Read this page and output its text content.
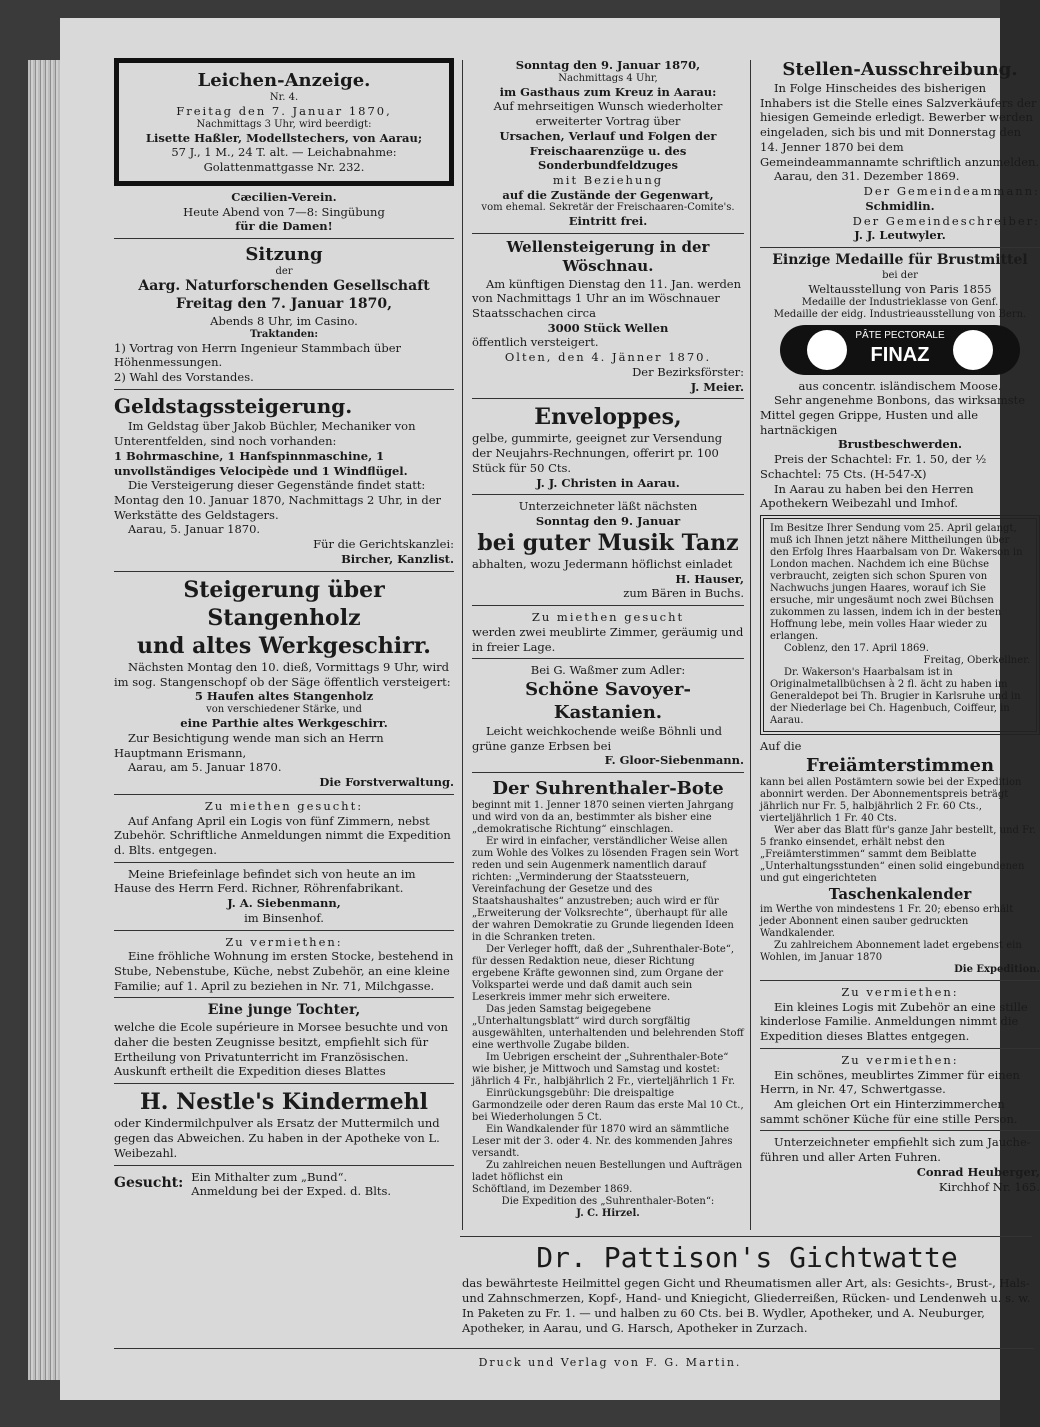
Leichen-Anzeige.

Nr. 4.

Freitag den 7. Januar 1870,

Nachmittags 3 Uhr, wird beerdigt:

Lisette Haßler, Modellstechers, von Aarau;

57 J., 1 M., 24 T. alt. — Leichabnahme:

Golattenmattgasse Nr. 232.

Cæcilien-Verein.

Heute Abend von 7—8: Singübung

für die Damen!

Sitzung

der

Aarg. Naturforschenden Gesellschaft

Freitag den 7. Januar 1870,

Abends 8 Uhr, im Casino.

Traktanden:

1) Vortrag von Herrn Ingenieur Stammbach über Höhenmessungen.

2) Wahl des Vorstandes.

Geldstagssteigerung.

Im Geldstag über Jakob Büchler, Mechaniker von Unterentfelden, sind noch vorhanden:

1 Bohrmaschine, 1 Hanfspinnmaschine, 1 unvollständiges Velocipède und 1 Windflügel.

Die Versteigerung dieser Gegenstände findet statt: Montag den 10. Januar 1870, Nachmittags 2 Uhr, in der Werkstätte des Geldstagers.

Aarau, 5. Januar 1870.

Für die Gerichtskanzlei:

Bircher, Kanzlist.

Steigerung über Stangenholz

und altes Werkgeschirr.

Nächsten Montag den 10. dieß, Vormittags 9 Uhr, wird im sog. Stangenschopf ob der Säge öffentlich versteigert:

5 Haufen altes Stangenholz

von verschiedener Stärke, und

eine Parthie altes Werkgeschirr.

Zur Besichtigung wende man sich an Herrn Hauptmann Erismann,

Aarau, am 5. Januar 1870.

Die Forstverwaltung.

Zu miethen gesucht:

Auf Anfang April ein Logis von fünf Zimmern, nebst Zubehör. Schriftliche Anmeldungen nimmt die Expedition d. Blts. entgegen.

Meine Briefeinlage befindet sich von heute an im Hause des Herrn Ferd. Richner, Röhrenfabrikant.

J. A. Siebenmann,

im Binsenhof.

Zu vermiethen:

Eine fröhliche Wohnung im ersten Stocke, bestehend in Stube, Nebenstube, Küche, nebst Zubehör, an eine kleine Familie; auf 1. April zu beziehen in Nr. 71, Milchgasse.

Eine junge Tochter,

welche die Ecole supérieure in Morsee besuchte und von daher die besten Zeugnisse besitzt, empfiehlt sich für Ertheilung von Privatunterricht im Französischen. Auskunft ertheilt die Expedition dieses Blattes

H. Nestle's Kindermehl

oder Kindermilchpulver als Ersatz der Muttermilch und gegen das Abweichen. Zu haben in der Apotheke von L. Weibezahl.

Gesucht: Ein Mithalter zum „Bund“.

Anmeldung bei der Exped. d. Blts.

Sonntag den 9. Januar 1870,

Nachmittags 4 Uhr,

im Gasthaus zum Kreuz in Aarau:

Auf mehrseitigen Wunsch wiederholter erweiterter Vortrag über

Ursachen, Verlauf und Folgen der Freischaarenzüge u. des Sonderbundfeldzuges

mit Beziehung

auf die Zustände der Gegenwart,

vom ehemal. Sekretär der Freischaaren-Comite's.

Eintritt frei.

Wellensteigerung in der Wöschnau.

Am künftigen Dienstag den 11. Jan. werden von Nachmittags 1 Uhr an im Wöschnauer Staatsschachen circa

3000 Stück Wellen

öffentlich versteigert.

Olten, den 4. Jänner 1870.

Der Bezirksförster:

J. Meier.

Enveloppes,

gelbe, gummirte, geeignet zur Versendung der Neujahrs-Rechnungen, offerirt pr. 100 Stück für 50 Cts.

J. J. Christen in Aarau.

Unterzeichneter läßt nächsten

Sonntag den 9. Januar

bei guter Musik Tanz

abhalten, wozu Jedermann höflichst einladet

H. Hauser,

zum Bären in Buchs.

Zu miethen gesucht

werden zwei meublirte Zimmer, geräumig und in freier Lage.

Bei G. Waßmer zum Adler:

Schöne Savoyer-Kastanien.

Leicht weichkochende weiße Böhnli und grüne ganze Erbsen bei

F. Gloor-Siebenmann.

Der Suhrenthaler-Bote

beginnt mit 1. Jenner 1870 seinen vierten Jahrgang und wird von da an, bestimmter als bisher eine „demokratische Richtung“ einschlagen.

Er wird in einfacher, verständlicher Weise allen zum Wohle des Volkes zu lösenden Fragen sein Wort reden und sein Augenmerk namentlich darauf richten: „Verminderung der Staatssteuern, Vereinfachung der Gesetze und des Staatshaushaltes“ anzustreben; auch wird er für „Erweiterung der Volksrechte“, überhaupt für alle der wahren Demokratie zu Grunde liegenden Ideen in die Schranken treten.

Der Verleger hofft, daß der „Suhrenthaler-Bote“, für dessen Redaktion neue, dieser Richtung ergebene Kräfte gewonnen sind, zum Organe der Volkspartei werde und daß damit auch sein Leserkreis immer mehr sich erweitere.

Das jeden Samstag beigegebene „Unterhaltungsblatt“ wird durch sorgfältig ausgewählten, unterhaltenden und belehrenden Stoff eine werthvolle Zugabe bilden.

Im Uebrigen erscheint der „Suhrenthaler-Bote“ wie bisher, je Mittwoch und Samstag und kostet: jährlich 4 Fr., halbjährlich 2 Fr., vierteljährlich 1 Fr.

Einrückungsgebühr: Die dreispaltige Garmondzeile oder deren Raum das erste Mal 10 Ct., bei Wiederholungen 5 Ct.

Ein Wandkalender für 1870 wird an sämmtliche Leser mit der 3. oder 4. Nr. des kommenden Jahres versandt.

Zu zahlreichen neuen Bestellungen und Aufträgen ladet höflichst ein

Schöftland, im Dezember 1869.

Die Expedition des „Suhrenthaler-Boten“:

J. C. Hirzel.

Stellen-Ausschreibung.

In Folge Hinscheides des bisherigen Inhabers ist die Stelle eines Salzverkäufers der hiesigen Gemeinde erledigt. Bewerber werden eingeladen, sich bis und mit Donnerstag den 14. Jenner 1870 bei dem Gemeindeammannamte schriftlich anzumelden.

Aarau, den 31. Dezember 1869.

Der Gemeindeammann:

Schmidlin.

Der Gemeindeschreiber:

J. J. Leutwyler.

Einzige Medaille für Brustmittel

bei der

Weltausstellung von Paris 1855

Medaille der Industrieklasse von Genf.

Medaille der eidg. Industrieausstellung von Bern.

PÂTE PECTORALE
FINAZ

aus concentr. isländischem Moose.

Sehr angenehme Bonbons, das wirksamste Mittel gegen Grippe, Husten und alle hartnäckigen

Brustbeschwerden.

Preis der Schachtel: Fr. 1. 50, der ½ Schachtel: 75 Cts. (H-547-X)

In Aarau zu haben bei den Herren Apothekern Weibezahl und Imhof.

Im Besitze Ihrer Sendung vom 25. April gelangt, muß ich Ihnen jetzt nähere Mittheilungen über den Erfolg Ihres Haarbalsam von Dr. Wakerson in London machen. Nachdem ich eine Büchse verbraucht, zeigten sich schon Spuren von Nachwuchs jungen Haares, worauf ich Sie ersuche, mir ungesäumt noch zwei Büchsen zukommen zu lassen, indem ich in der besten Hoffnung lebe, mein volles Haar wieder zu erlangen.

Coblenz, den 17. April 1869.

Freitag, Oberkellner.

Dr. Wakerson's Haarbalsam ist in Originalmetallbüchsen à 2 fl. ächt zu haben im Generaldepot bei Th. Brugier in Karlsruhe und in der Niederlage bei Ch. Hagenbuch, Coiffeur, in Aarau.

Auf die

Freiämterstimmen

kann bei allen Postämtern sowie bei der Expedition abonnirt werden. Der Abonnementspreis beträgt jährlich nur Fr. 5, halbjährlich 2 Fr. 60 Cts., vierteljährlich 1 Fr. 40 Cts.

Wer aber das Blatt für's ganze Jahr bestellt, und Fr. 5 franko einsendet, erhält nebst den „Freiämterstimmen“ sammt dem Beiblatte „Unterhaltungsstunden“ einen solid eingebundenen und gut eingerichteten

Taschenkalender

im Werthe von mindestens 1 Fr. 20; ebenso erhält jeder Abonnent einen sauber gedruckten Wandkalender.

Zu zahlreichem Abonnement ladet ergebenst ein

Wohlen, im Januar 1870

Die Expedition.

Zu vermiethen:

Ein kleines Logis mit Zubehör an eine stille kinderlose Familie. Anmeldungen nimmt die Expedition dieses Blattes entgegen.

Zu vermiethen:

Ein schönes, meublirtes Zimmer für einen Herrn, in Nr. 47, Schwertgasse.

Am gleichen Ort ein Hinterzimmerchen sammt schöner Küche für eine stille Person.

Unterzeichneter empfiehlt sich zum Jauche-führen und aller Arten Fuhren.

Conrad Heuberger,

Kirchhof Nr. 165.

Dr. Pattison's Gichtwatte

das bewährteste Heilmittel gegen Gicht und Rheumatismen aller Art, als: Gesichts-, Brust-, Hals- und Zahnschmerzen, Kopf-, Hand- und Kniegicht, Gliederreißen, Rücken- und Lendenweh u. s. w. In Paketen zu Fr. 1. — und halben zu 60 Cts. bei B. Wydler, Apotheker, und A. Neuburger, Apotheker, in Aarau, und G. Harsch, Apotheker in Zurzach.

Druck und Verlag von F. G. Martin.
